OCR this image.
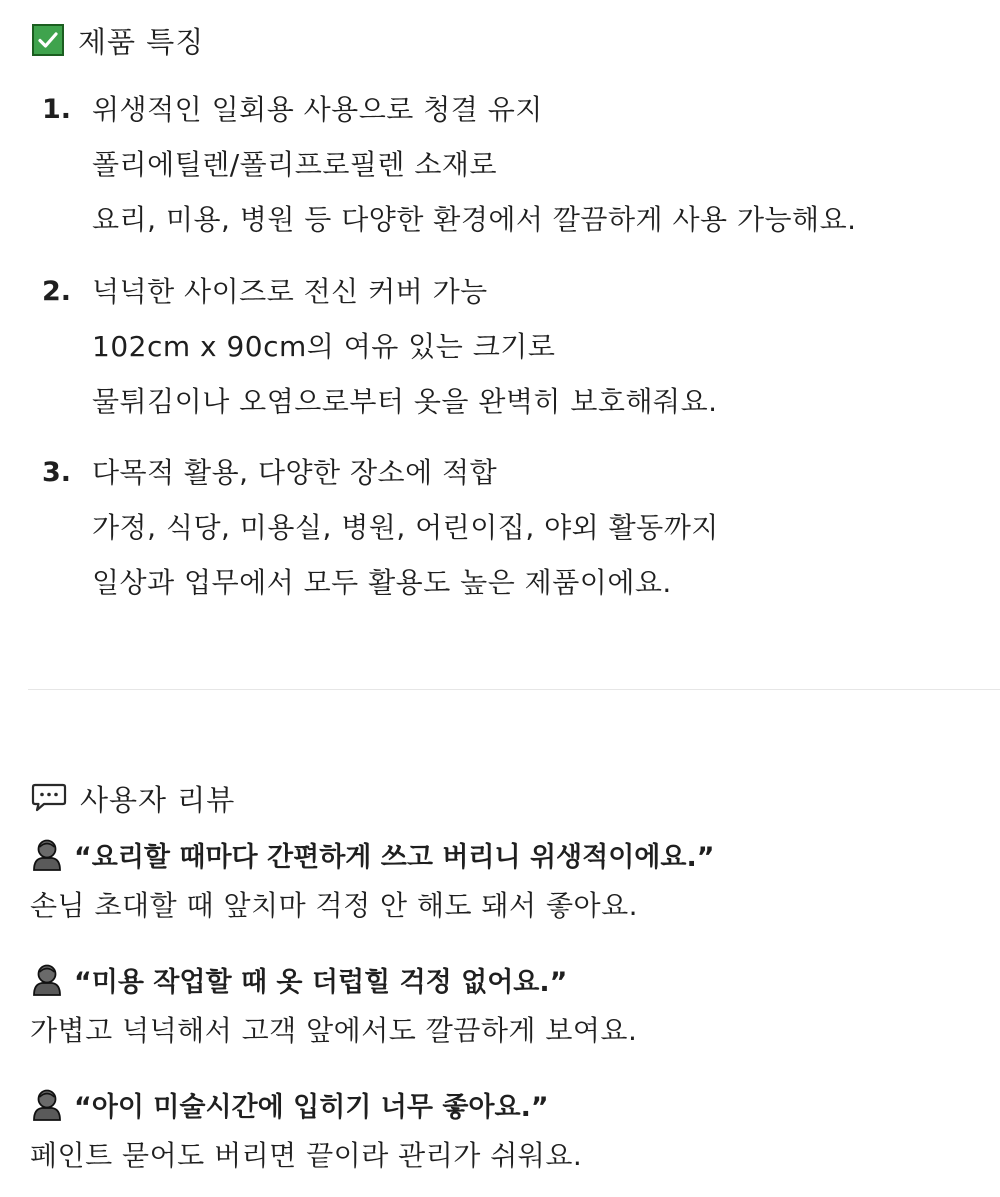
제품 특징
1. 위생적인 일회용 사용으로 청결 유지
폴리에틸렌/폴리프로필렌 소재로
요리, 미용, 병원 등 다양한 환경에서 깔끔하게 사용 가능해요.
2. 넉넉한 사이즈로 전신 커버 가능
102cm x 90cm의 여유 있는 크기로
물튀김이나 오염으로부터 옷을 완벽히 보호해줘요.
3. 다목적 활용, 다양한 장소에 적합
가정, 식당, 미용실, 병원, 어린이집, 야외 활동까지
일상과 업무에서 모두 활용도 높은 제품이에요.
사용자 리뷰
“요리할 때마다 간편하게 쓰고 버리니 위생적이에요.”
손님 초대할 때 앞치마 걱정 안 해도 돼서 좋아요.
“미용 작업할 때 옷 더럽힐 걱정 없어요.”
가볍고 넉넉해서 고객 앞에서도 깔끔하게 보여요.
“아이 미술시간에 입히기 너무 좋아요.”
페인트 묻어도 버리면 끝이라 관리가 쉬워요.
